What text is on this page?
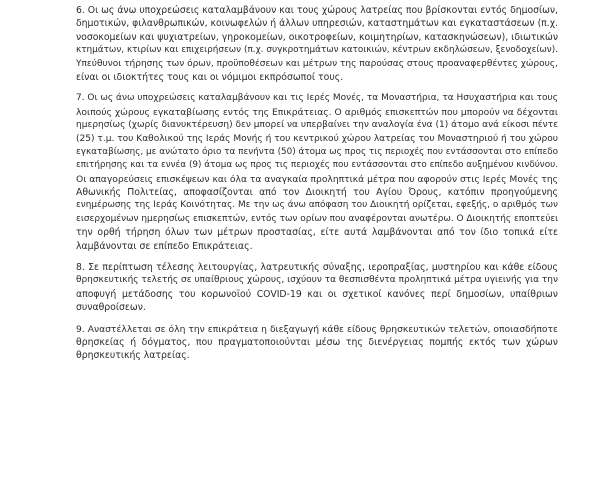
6. Οι ως άνω υποχρεώσεις καταλαμβάνουν και τους χώρους λατρείας που βρίσκονται εντός δημοσίων,
δημοτικών, φιλανθρωπικών, κοινωφελών ή άλλων υπηρεσιών, καταστημάτων και εγκαταστάσεων (π.χ.
νοσοκομείων και ψυχιατρείων, γηροκομείων, οικοτροφείων, κοιμητηρίων, κατασκηνώσεων), ιδιωτικών
κτημάτων, κτιρίων και επιχειρήσεων (π.χ. συγκροτημάτων κατοικιών, κέντρων εκδηλώσεων, ξενοδοχείων).
Υπεύθυνοι τήρησης των όρων, προϋποθέσεων και μέτρων της παρούσας στους προαναφερθέντες χώρους,
είναι οι ιδιοκτήτες τους και οι νόμιμοι εκπρόσωποί τους.
7. Οι ως άνω υποχρεώσεις καταλαμβάνουν και τις Ιερές Μονές, τα Μοναστήρια, τα Ησυχαστήρια και τους
λοιπούς χώρους εγκαταβίωσης εντός της Επικράτειας. Ο αριθμός επισκεπτών που μπορούν να δέχονται
ημερησίως (χωρίς διανυκτέρευση) δεν μπορεί να υπερβαίνει την αναλογία ένα (1) άτομο ανά είκοσι πέντε
(25) τ.μ. του Καθολικού της Ιεράς Μονής ή του κεντρικού χώρου λατρείας του Μοναστηριού ή του χώρου
εγκαταβίωσης, με ανώτατο όριο τα πενήντα (50) άτομα ως προς τις περιοχές που εντάσσονται στο επίπεδο
επιτήρησης και τα εννέα (9) άτομα ως προς τις περιοχές που εντάσσονται στο επίπεδο αυξημένου κινδύνου.
Οι απαγορεύσεις επισκέψεων και όλα τα αναγκαία προληπτικά μέτρα που αφορούν στις Ιερές Μονές της
Αθωνικής Πολιτείας, αποφασίζονται από τον Διοικητή του Αγίου Όρους, κατόπιν προηγούμενης
ενημέρωσης της Ιεράς Κοινότητας. Με την ως άνω απόφαση του Διοικητή ορίζεται, εφεξής, ο αριθμός των
εισερχομένων ημερησίως επισκεπτών, εντός των ορίων που αναφέρονται ανωτέρω. Ο Διοικητής εποπτεύει
την ορθή τήρηση όλων των μέτρων προστασίας, είτε αυτά λαμβάνονται από τον ίδιο τοπικά είτε
λαμβάνονται σε επίπεδο Επικράτειας.
8. Σε περίπτωση τέλεσης λειτουργίας, λατρευτικής σύναξης, ιεροπραξίας, μυστηρίου και κάθε είδους
θρησκευτικής τελετής σε υπαίθριους χώρους, ισχύουν τα θεσπισθέντα προληπτικά μέτρα υγιεινής για την
αποφυγή μετάδοσης του κορωνοϊού COVID-19 και οι σχετικοί κανόνες περί δημοσίων, υπαίθριων
συναθροίσεων.
9. Αναστέλλεται σε όλη την επικράτεια η διεξαγωγή κάθε είδους θρησκευτικών τελετών, οποιασδήποτε
θρησκείας ή δόγματος, που πραγματοποιούνται μέσω της διενέργειας πομπής εκτός των χώρων
θρησκευτικής λατρείας.
